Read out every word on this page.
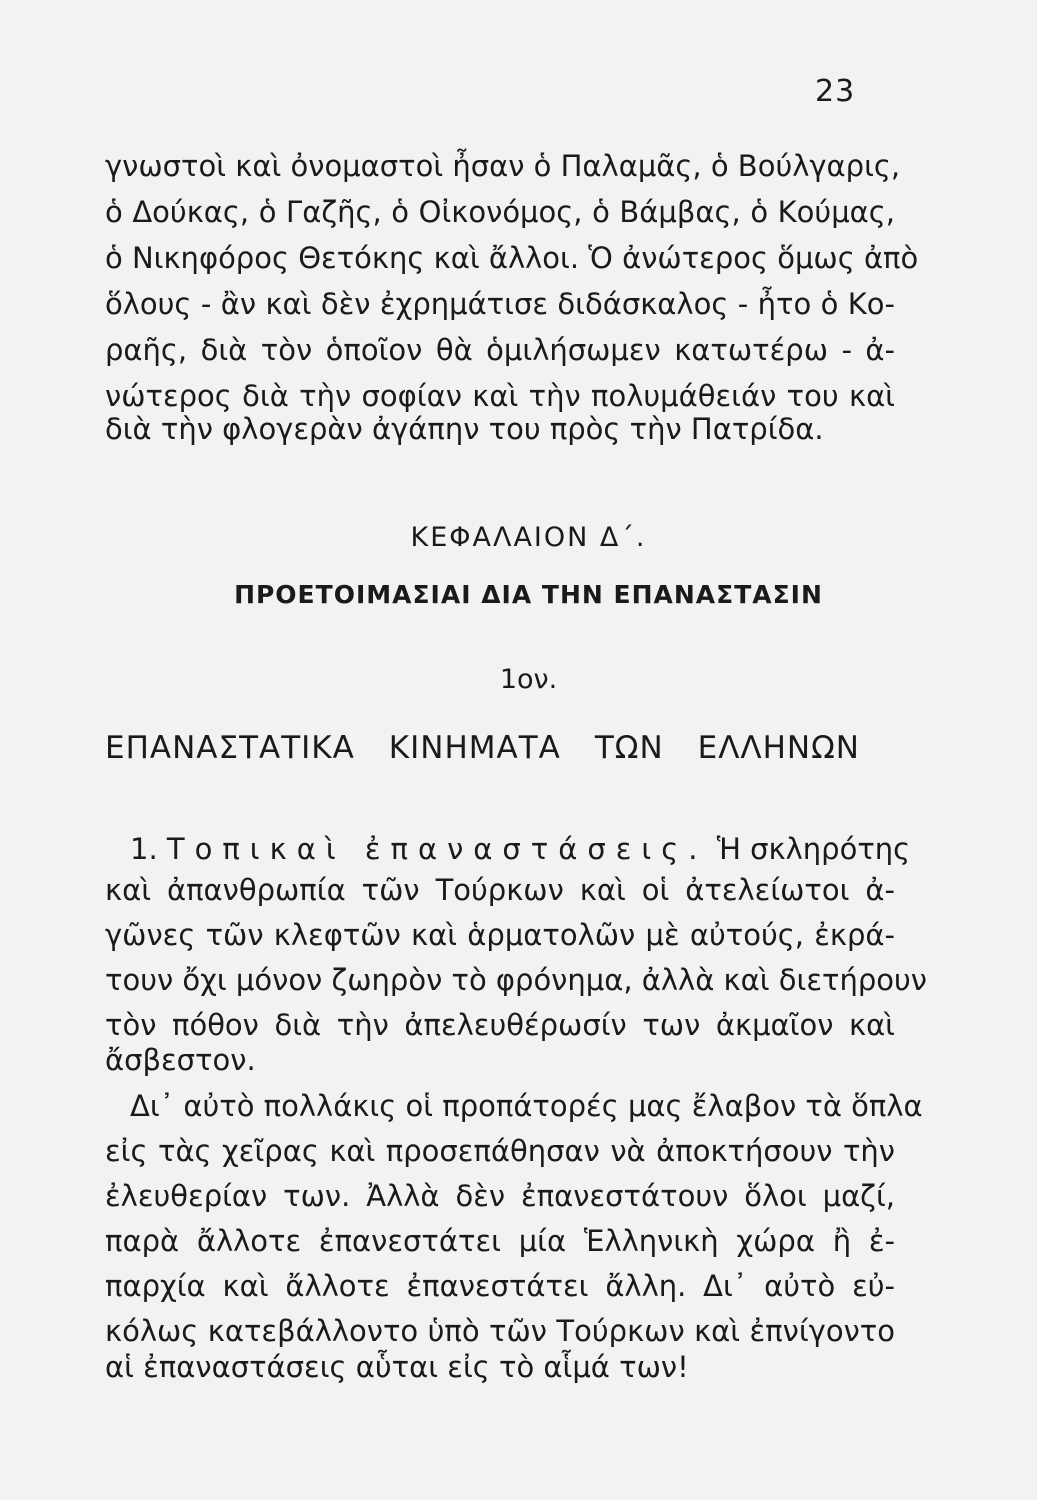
23
γνωστοὶ καὶ ὀνομαστοὶ ἦσαν ὁ Παλαμᾶς, ὁ Βούλγαρις,
ὁ Δούκας, ὁ Γαζῆς, ὁ Οἰκονόμος, ὁ Βάμβας, ὁ Κούμας,
ὁ Νικηφόρος Θετόκης καὶ ἄλλοι. Ὁ ἀνώτερος ὅμως ἀπὸ
ὅλους - ἂν καὶ δὲν ἐχρημάτισε διδάσκαλος - ἦτο ὁ Κο-
ραῆς, διὰ τὸν ὁποῖον θὰ ὁμιλήσωμεν κατωτέρω - ἀ-
νώτερος διὰ τὴν σοφίαν καὶ τὴν πολυμάθειάν του καὶ
διὰ τὴν φλογερὰν ἀγάπην του πρὸς τὴν Πατρίδα.
ΚΕΦΑΛΑΙΟΝ Δ΄.
ΠΡΟΕΤΟΙΜΑΣΙΑΙ ΔΙΑ ΤΗΝ ΕΠΑΝΑΣΤΑΣΙΝ
1ον.
ΕΠΑΝΑΣΤΑΤΙΚΑ ΚΙΝΗΜΑΤΑ ΤΩΝ ΕΛΛΗΝΩΝ
1. Τοπικαὶ ἐπαναστάσεις. Ἡ σκληρότης
καὶ ἀπανθρωπία τῶν Τούρκων καὶ οἱ ἀτελείωτοι ἀ-
γῶνες τῶν κλεφτῶν καὶ ἁρματολῶν μὲ αὐτούς, ἐκρά-
τουν ὄχι μόνον ζωηρὸν τὸ φρόνημα, ἀλλὰ καὶ διετήρουν
τὸν πόθον διὰ τὴν ἀπελευθέρωσίν των ἀκμαῖον καὶ
ἄσβεστον.
Δι᾿ αὐτὸ πολλάκις οἱ προπάτορές μας ἔλαβον τὰ ὅπλα
εἰς τὰς χεῖρας καὶ προσεπάθησαν νὰ ἀποκτήσουν τὴν
ἐλευθερίαν των. Ἀλλὰ δὲν ἐπανεστάτουν ὅλοι μαζί,
παρὰ ἄλλοτε ἐπανεστάτει μία Ἑλληνικὴ χώρα ἢ ἐ-
παρχία καὶ ἄλλοτε ἐπανεστάτει ἄλλη. Δι᾿ αὐτὸ εὐ-
κόλως κατεβάλλοντο ὑπὸ τῶν Τούρκων καὶ ἐπνίγοντο
αἱ ἐπαναστάσεις αὗται εἰς τὸ αἷμά των!
